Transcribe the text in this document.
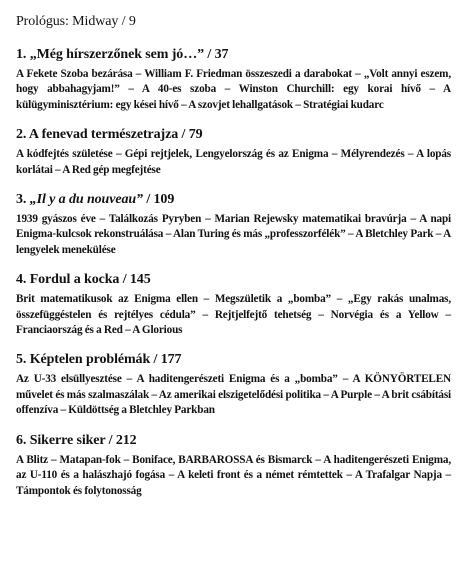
Prológus: Midway / 9
1. „Még hírszerzőnek sem jó…” / 37

A Fekete Szoba bezárása – William F. Friedman összeszedi a darabokat – „Volt annyi eszem, hogy abbahagyjam!” – A 40-es szoba – Winston Churchill: egy korai hívő – A külügyminisztérium: egy kései hívő – A szovjet lehallgatások – Stratégiai kudarc

2. A fenevad természetrajza / 79

A kódfejtés születése – Gépi rejtjelek, Lengyelország és az Enigma – Mélyrendezés – A lopás korlátai – A Red gép megfejtése

3. „Il y a du nouveau” / 109

1939 gyászos éve – Találkozás Pyryben – Marian Rejewsky matematikai bravúrja – A napi Enigma-kulcsok rekonstruálása – Alan Turing és más „professzorfélék” – A Bletchley Park – A lengyelek menekülése

4. Fordul a kocka / 145

Brit matematikusok az Enigma ellen – Megszületik a „bomba” – „Egy rakás unalmas, összefüggéstelen és rejtélyes cédula” – Rejtjelfejtő tehetség – Norvégia és a Yellow – Franciaország és a Red – A Glorious

5. Képtelen problémák / 177

Az U-33 elsüllyesztése – A haditengerészeti Enigma és a „bomba” – A KÖNYÖRTELEN művelet és más szalmaszálak – Az amerikai elszigetelődési politika – A Purple – A brit csábítási offenzíva – Küldöttség a Bletchley Parkban

6. Sikerre siker / 212

A Blitz – Matapan-fok – Boniface, BARBAROSSA és Bismarck – A haditengerészeti Enigma, az U-110 és a halászhajó fogása – A keleti front és a német rémtettek – A Trafalgar Napja – Támpontok és folytonosság
